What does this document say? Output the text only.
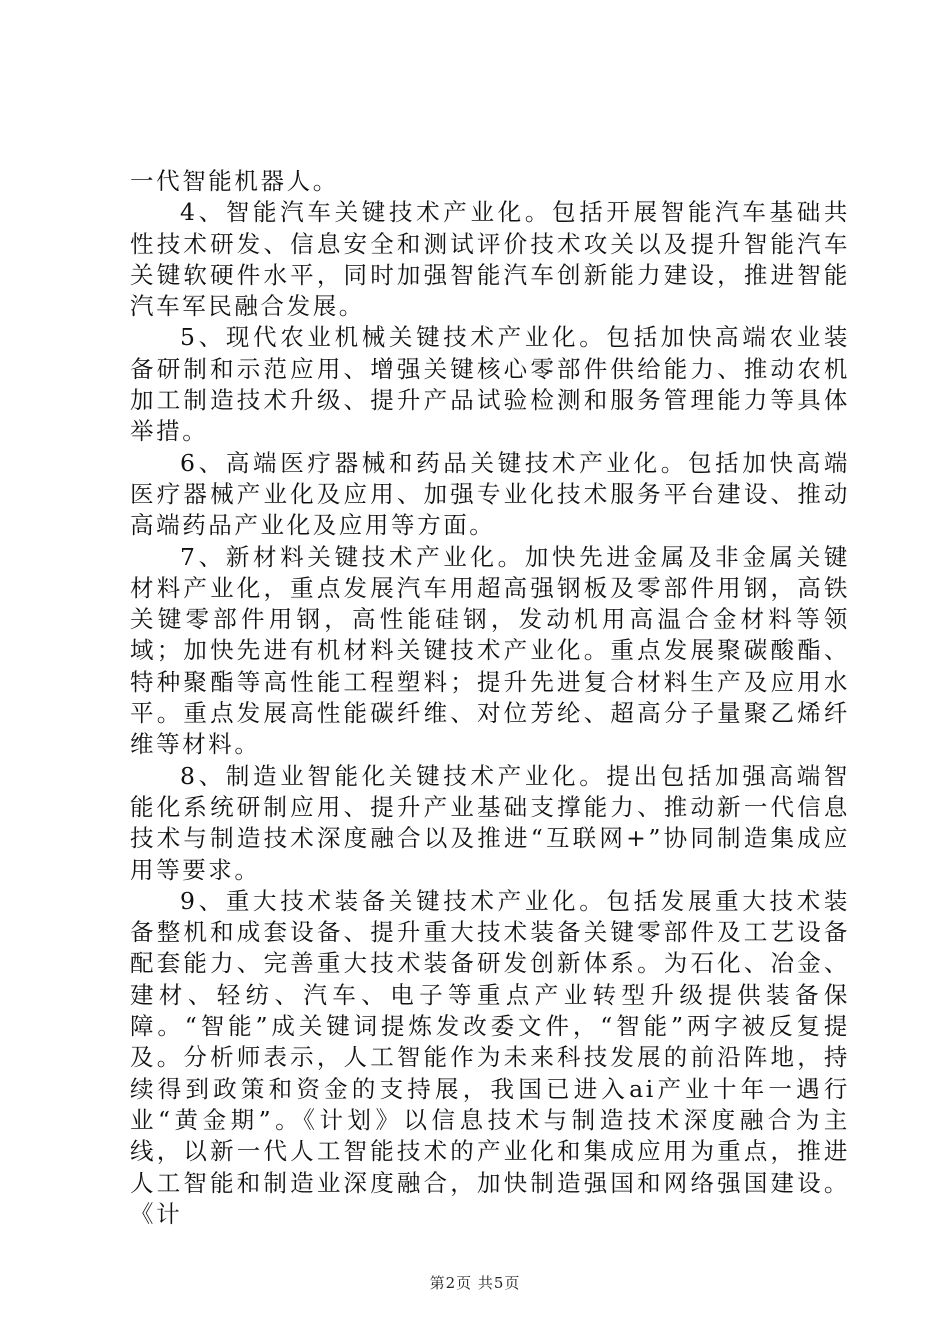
一代智能机器人。

4、智能汽车关键技术产业化。包括开展智能汽车基础共性技术研发、信息安全和测试评价技术攻关以及提升智能汽车关键软硬件水平，同时加强智能汽车创新能力建设，推进智能汽车军民融合发展。

5、现代农业机械关键技术产业化。包括加快高端农业装备研制和示范应用、增强关键核心零部件供给能力、推动农机加工制造技术升级、提升产品试验检测和服务管理能力等具体举措。

6、高端医疗器械和药品关键技术产业化。包括加快高端医疗器械产业化及应用、加强专业化技术服务平台建设、推动高端药品产业化及应用等方面。

7、新材料关键技术产业化。加快先进金属及非金属关键材料产业化，重点发展汽车用超高强钢板及零部件用钢，高铁关键零部件用钢，高性能硅钢，发动机用高温合金材料等领域；加快先进有机材料关键技术产业化。重点发展聚碳酸酯、特种聚酯等高性能工程塑料；提升先进复合材料生产及应用水平。重点发展高性能碳纤维、对位芳纶、超高分子量聚乙烯纤维等材料。

8、制造业智能化关键技术产业化。提出包括加强高端智能化系统研制应用、提升产业基础支撑能力、推动新一代信息技术与制造技术深度融合以及推进“互联网+”协同制造集成应用等要求。

9、重大技术装备关键技术产业化。包括发展重大技术装备整机和成套设备、提升重大技术装备关键零部件及工艺设备配套能力、完善重大技术装备研发创新体系。为石化、冶金、建材、轻纺、汽车、电子等重点产业转型升级提供装备保障。“智能”成关键词提炼发改委文件，“智能”两字被反复提及。分析师表示，人工智能作为未来科技发展的前沿阵地，持续得到政策和资金的支持展，我国已进入ai产业十年一遇行业“黄金期”。《计划》以信息技术与制造技术深度融合为主线，以新一代人工智能技术的产业化和集成应用为重点，推进人工智能和制造业深度融合，加快制造强国和网络强国建设。《计

第2页 共5页
